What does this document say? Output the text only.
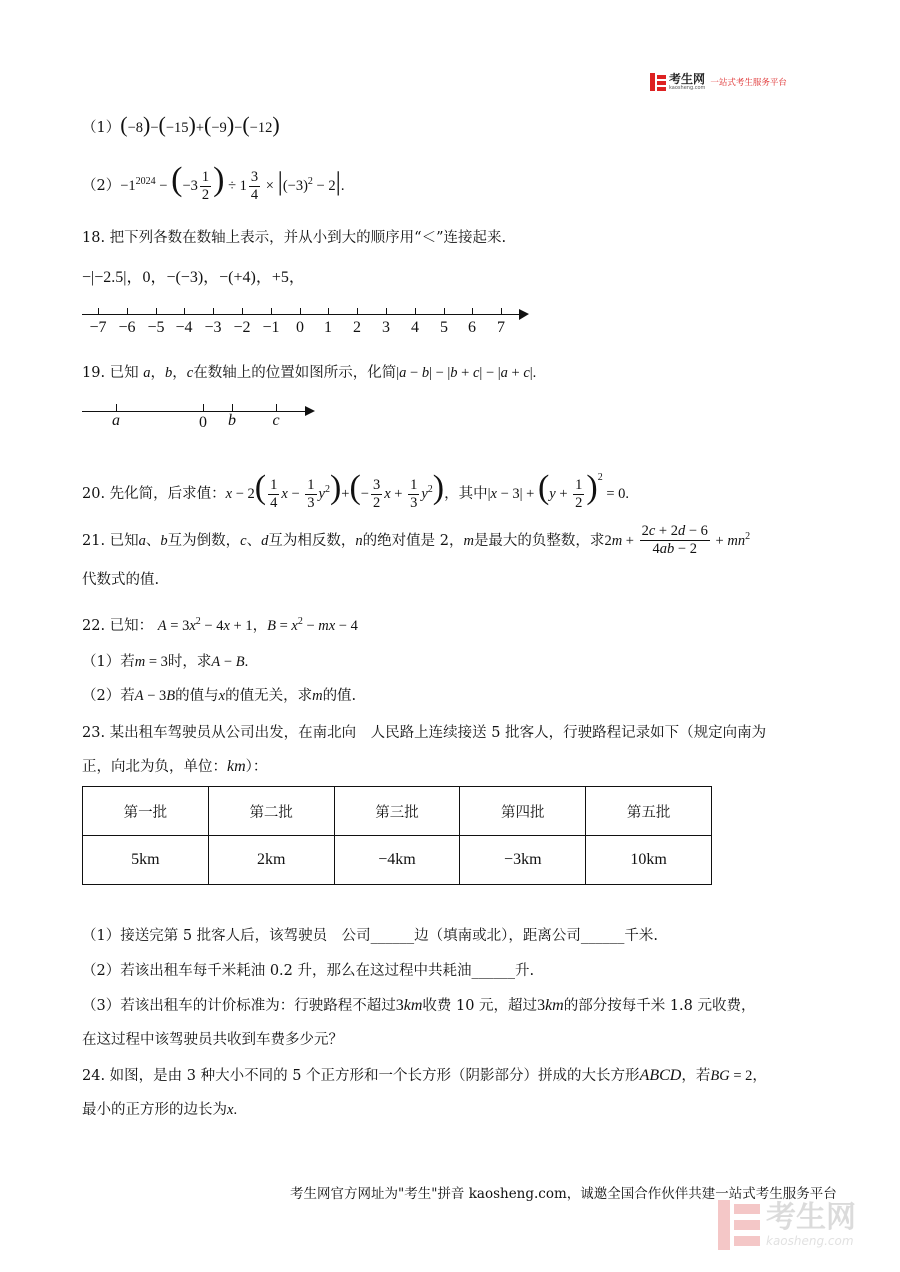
考生网
kaosheng.com 一站式考生服务平台
（1）(−8)−(−15)+(−9)−(−12)
$(2)-1^{2024} - (-3 \frac{1}{2}$ ) ÷ $1 \frac{3}{4} \times |(-3)^2 - 2|$.
18. 把下列各数在数轴上表示，并从小到大的顺序用“＜”连接起来.
−|−2.5|，0，−(−3)，−(+4)，+5，
−7 −6 −5 −4 −3 −2 −1 0 1 2 3 4 5 6 7
19. 已知 a，b，c在数轴上的位置如图所示，化简|a − b| − |b + c| − |a + c|.
a	0 b c
20. 先化简，后求值：$x - 2( \frac{1}{4}$ $x - \frac{1}{3} y^2)+(- \frac{3}{2}$ $x + \frac{1}{3} y^2$)，其中$|x - 3| + (y + \frac{1}{2} )^2 = 0$.
21. 已知a、b互为倒数，c、d互为相反数，n的绝对值是 2，m是最大的负整数，求$2m + \frac{2c + 2d - 6}{4ab - 2} + mn^2$
代数式的值.
22. 已知： $A = 3x^2 - 4x + 1$，$B = x^2$ − mx − 4
（1）若m = 3时，求A − B.
（2）若A − 3B的值与x的值无关，求m的值.
23. 某出租车驾驶员从公司出发，在南北向　人民路上连续接送 5 批客人，行驶路程记录如下（规定向南为
正，向北为负，单位：km）：
第一批	第二批	第三批	第四批	第五批
5km	2km	−4km	−3km	10km
（1）接送完第 5 批客人后，该驾驶员　公司______边（填南或北），距离公司______千米.
（2）若该出租车每千米耗油 0.2 升，那么在这过程中共耗油______升.
（3）若该出租车的计价标准为：行驶路程不超过3km收费 10 元，超过3km的部分按每千米 1.8 元收费，
在这过程中该驾驶员共收到车费多少元？
24. 如图，是由 3 种大小不同的 5 个正方形和一个长方形（阴影部分）拼成的大长方形ABCD，若BG = 2，
最小的正方形的边长为x.
考生网官方网址为"考生"拼音 kaosheng.com，诚邀全国合作伙伴共建一站式考生服务平台
考生网
kaosheng.com
